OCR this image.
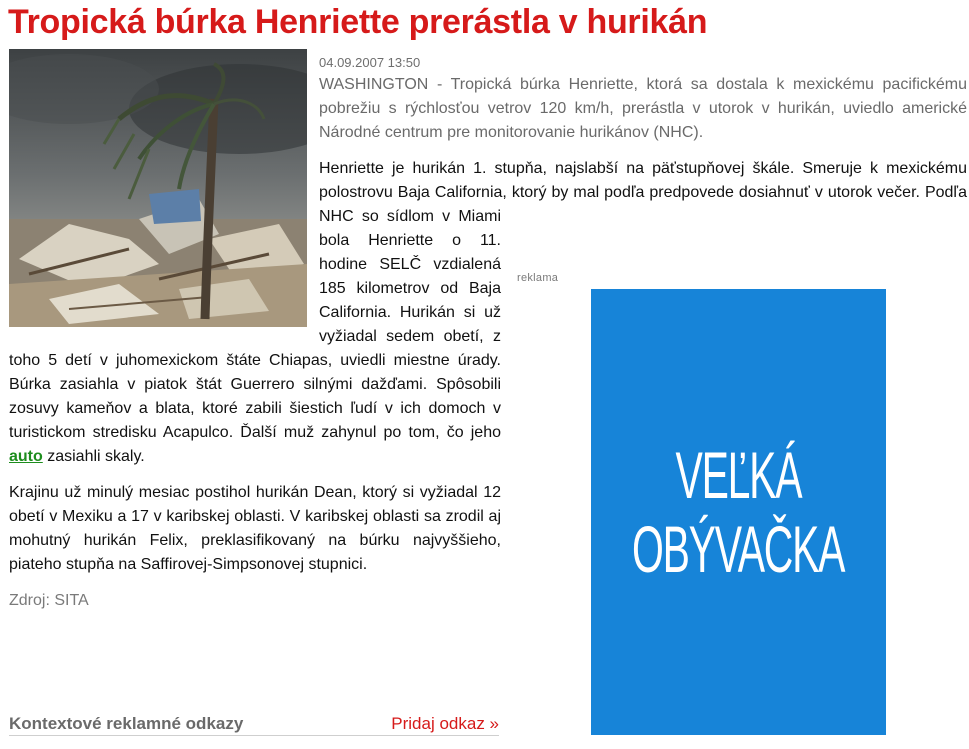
Tropická búrka Henriette prerástla v hurikán
reklama
VEĽKÁ
OBÝVAČKA
04.09.2007 13:50

WASHINGTON - Tropická búrka Henriette, ktorá sa dostala k mexickému pacifickému pobrežiu s rýchlosťou vetrov 120 km/h, prerástla v utorok v hurikán, uviedlo americké Národné centrum pre monitorovanie hurikánov (NHC).

Henriette je hurikán 1. stupňa, najslabší na päťstupňovej škále. Smeruje k mexickému polostrovu Baja California, ktorý by mal podľa predpovede dosiahnuť v utorok večer. Podľa NHC so sídlom v Miami bola Henriette o 11. hodine SELČ vzdialená 185 kilometrov od Baja California. Hurikán si už vyžiadal sedem obetí, z toho 5 detí v juhomexickom štáte Chiapas, uviedli miestne úrady. Búrka zasiahla v piatok štát Guerrero silnými dažďami. Spôsobili zosuvy kameňov a blata, ktoré zabili šiestich ľudí v ich domoch v turistickom stredisku Acapulco. Ďalší muž zahynul po tom, čo jeho auto zasiahli skaly.

Krajinu už minulý mesiac postihol hurikán Dean, ktorý si vyžiadal 12 obetí v Mexiku a 17 v karibskej oblasti. V karibskej oblasti sa zrodil aj mohutný hurikán Felix, preklasifikovaný na búrku najvyššieho, piateho stupňa na Saffirovej-Simpsonovej stupnici.

Zdroj: SITA
Kontextové reklamné odkazy	Pridaj odkaz »
